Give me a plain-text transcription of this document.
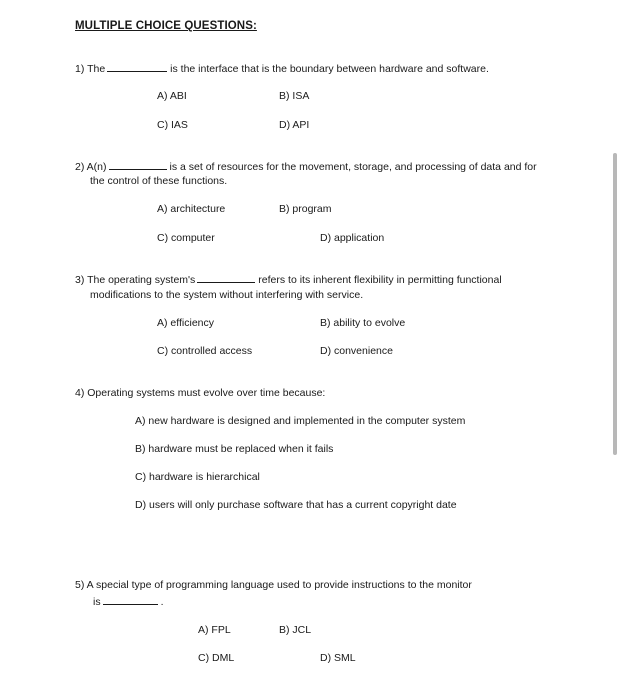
MULTIPLE CHOICE QUESTIONS:
1) The	is the interface that is the boundary between hardware and software.
A) ABI	B) ISA
C) IAS	D) API
2) A(n)	is a set of resources for the movement, storage, and processing of data and for
the control of these functions.
A) architecture	B) program
C) computer	D) application
3) The operating system's	refers to its inherent flexibility in permitting functional
modifications to the system without interfering with service.
A) efficiency	B) ability to evolve
C) controlled access	D) convenience
4) Operating systems must evolve over time because:
A) new hardware is designed and implemented in the computer system
B) hardware must be replaced when it fails
C) hardware is hierarchical
D) users will only purchase software that has a current copyright date
5) A special type of programming language used to provide instructions to the monitor
is	.
A) FPL	B) JCL
C) DML	D) SML
